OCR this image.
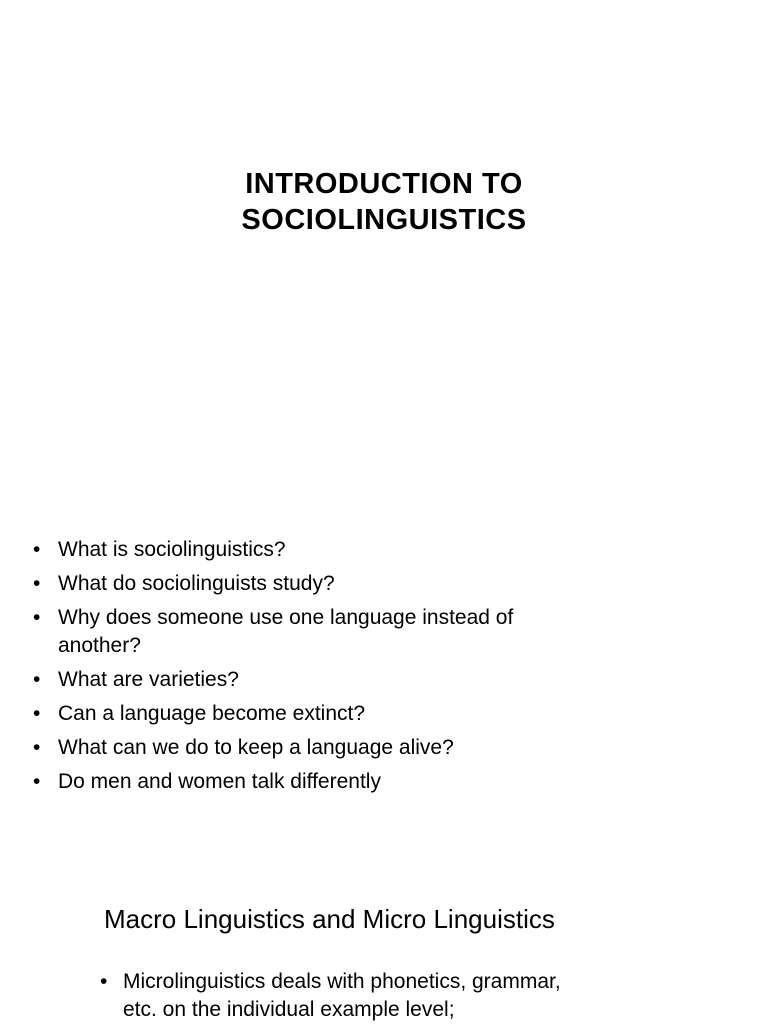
INTRODUCTION TO
SOCIOLINGUISTICS
• What is sociolinguistics?
• What do sociolinguists study?
• Why does someone use one language instead of another?
• What are varieties?
• Can a language become extinct?
• What can we do to keep a language alive?
• Do men and women talk differently
Macro Linguistics and Micro Linguistics
• Microlinguistics deals with phonetics, grammar, etc. on the individual example level;
